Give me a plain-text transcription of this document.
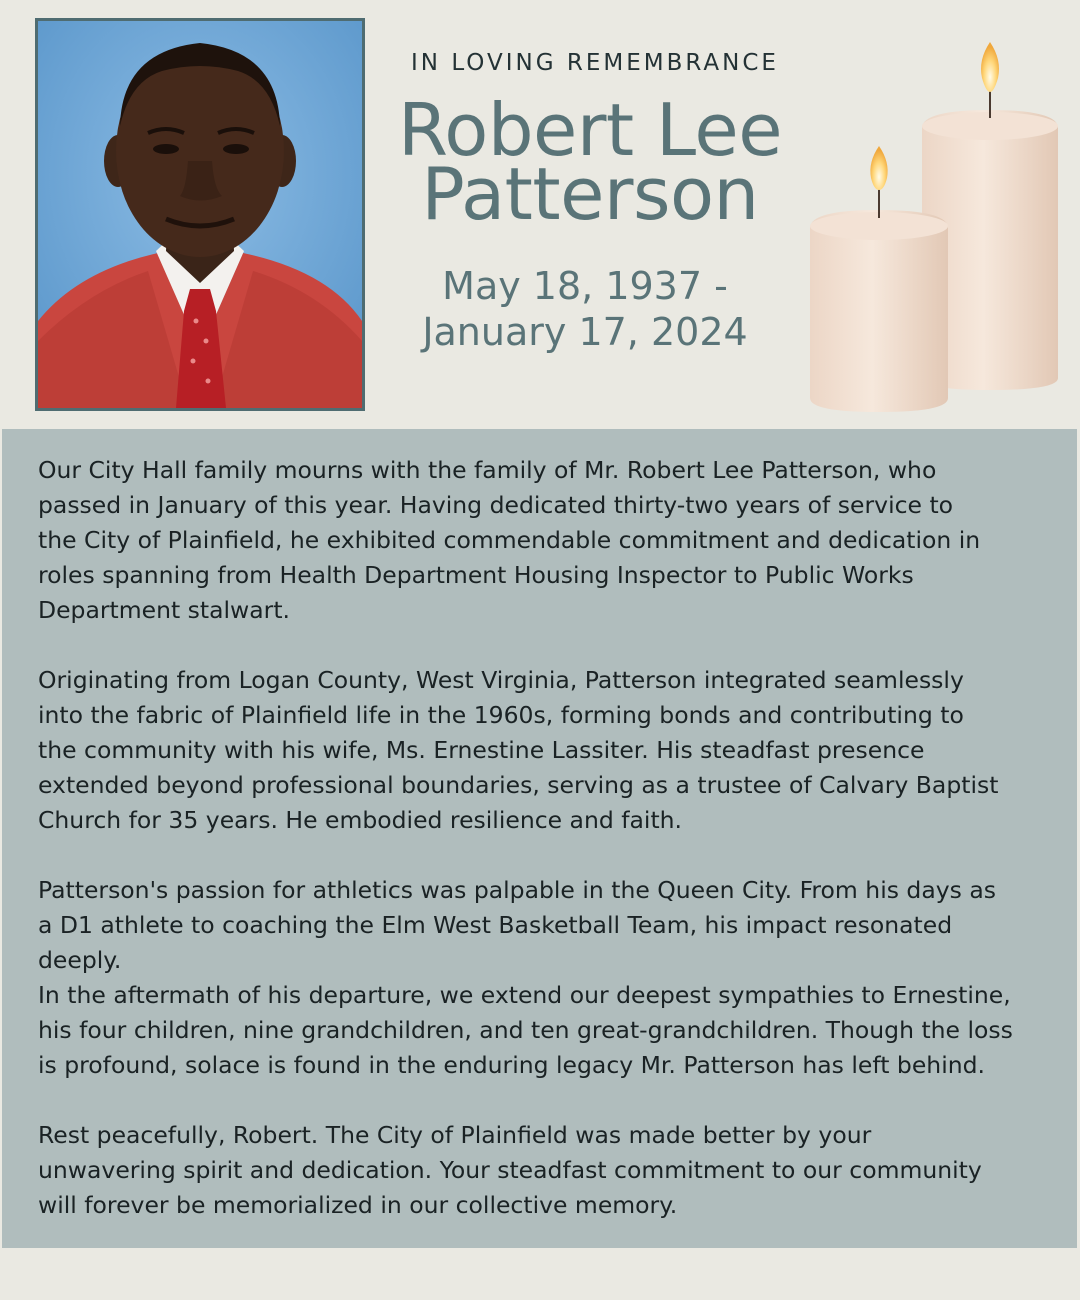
IN LOVING REMEMBRANCE
Robert Lee
Patterson
May 18, 1937 -
January 17, 2024

Our City Hall family mourns with the family of Mr. Robert Lee Patterson, who
passed in January of this year. Having dedicated thirty-two years of service to
the City of Plainfield, he exhibited commendable commitment and dedication in
roles spanning from Health Department Housing Inspector to Public Works
Department stalwart.

Originating from Logan County, West Virginia, Patterson integrated seamlessly
into the fabric of Plainfield life in the 1960s, forming bonds and contributing to
the community with his wife, Ms. Ernestine Lassiter. His steadfast presence
extended beyond professional boundaries, serving as a trustee of Calvary Baptist
Church for 35 years. He embodied resilience and faith.

Patterson's passion for athletics was palpable in the Queen City. From his days as
a D1 athlete to coaching the Elm West Basketball Team, his impact resonated
deeply.

In the aftermath of his departure, we extend our deepest sympathies to Ernestine,
his four children, nine grandchildren, and ten great-grandchildren. Though the loss
is profound, solace is found in the enduring legacy Mr. Patterson has left behind.

Rest peacefully, Robert. The City of Plainfield was made better by your
unwavering spirit and dedication. Your steadfast commitment to our community
will forever be memorialized in our collective memory.
